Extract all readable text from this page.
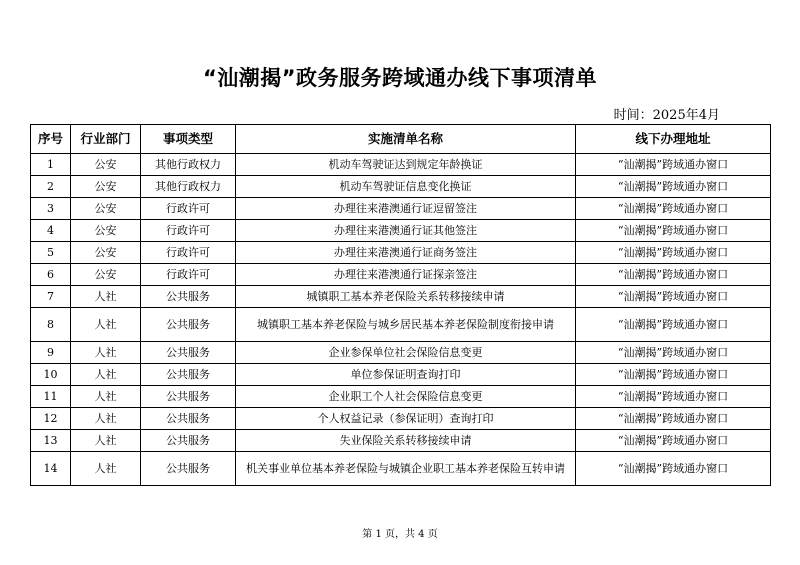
“汕潮揭”政务服务跨域通办线下事项清单
时间：2025年4月
序号	行业部门	事项类型	实施清单名称	线下办理地址
1	公安	其他行政权力	机动车驾驶证达到规定年龄换证	“汕潮揭”跨域通办窗口
2	公安	其他行政权力	机动车驾驶证信息变化换证	“汕潮揭”跨域通办窗口
3	公安	行政许可	办理往来港澳通行证逗留签注	“汕潮揭”跨域通办窗口
4	公安	行政许可	办理往来港澳通行证其他签注	“汕潮揭”跨域通办窗口
5	公安	行政许可	办理往来港澳通行证商务签注	“汕潮揭”跨域通办窗口
6	公安	行政许可	办理往来港澳通行证探亲签注	“汕潮揭”跨域通办窗口
7	人社	公共服务	城镇职工基本养老保险关系转移接续申请	“汕潮揭”跨域通办窗口
8	人社	公共服务	城镇职工基本养老保险与城乡居民基本养老保险制度衔接申请	“汕潮揭”跨域通办窗口
9	人社	公共服务	企业参保单位社会保险信息变更	“汕潮揭”跨域通办窗口
10	人社	公共服务	单位参保证明查询打印	“汕潮揭”跨域通办窗口
11	人社	公共服务	企业职工个人社会保险信息变更	“汕潮揭”跨域通办窗口
12	人社	公共服务	个人权益记录（参保证明）查询打印	“汕潮揭”跨域通办窗口
13	人社	公共服务	失业保险关系转移接续申请	“汕潮揭”跨域通办窗口
14	人社	公共服务	机关事业单位基本养老保险与城镇企业职工基本养老保险互转申请	“汕潮揭”跨域通办窗口
第 1 页，共 4 页
